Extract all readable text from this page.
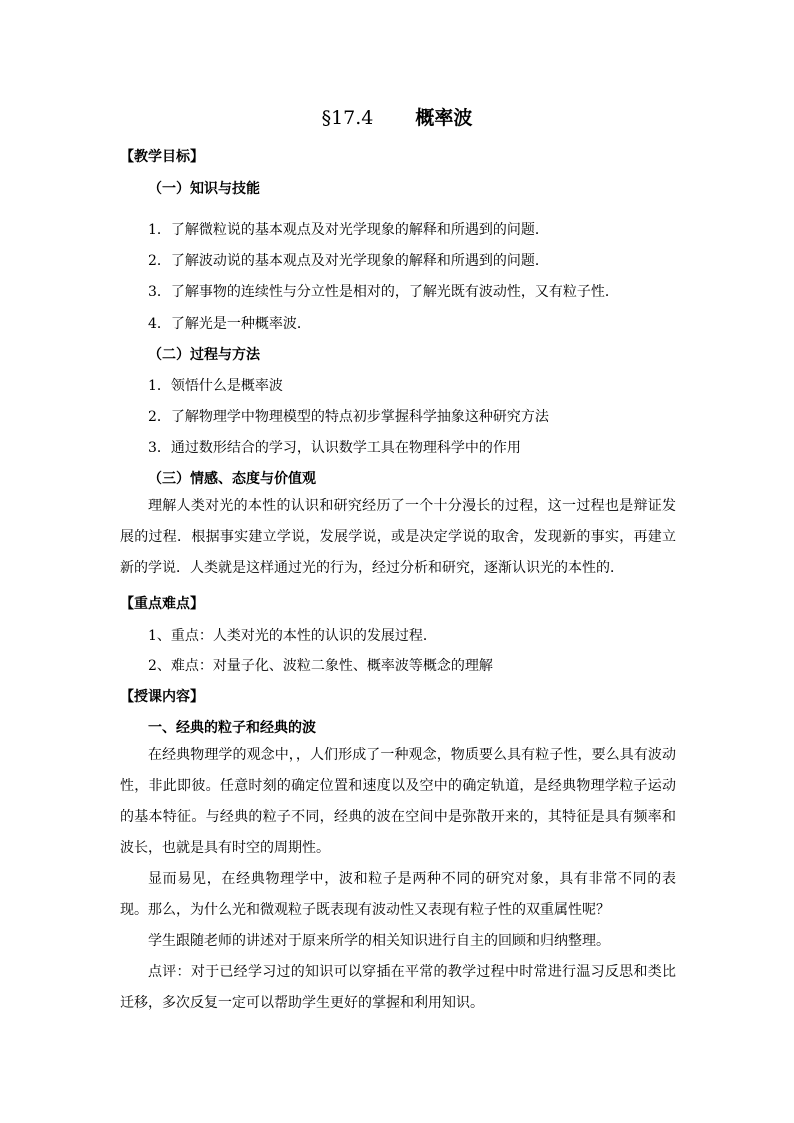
§17.4 概率波
【教学目标】
（一）知识与技能
1．了解微粒说的基本观点及对光学现象的解释和所遇到的问题．
2．了解波动说的基本观点及对光学现象的解释和所遇到的问题．
3．了解事物的连续性与分立性是相对的，了解光既有波动性，又有粒子性．
4．了解光是一种概率波．
（二）过程与方法
1．领悟什么是概率波
2．了解物理学中物理模型的特点初步掌握科学抽象这种研究方法
3．通过数形结合的学习，认识数学工具在物理科学中的作用
（三）情感、态度与价值观
理解人类对光的本性的认识和研究经历了一个十分漫长的过程，这一过程也是辩证发展的过程．根据事实建立学说，发展学说，或是决定学说的取舍，发现新的事实，再建立新的学说．人类就是这样通过光的行为，经过分析和研究，逐渐认识光的本性的．
【重点难点】
1、重点：人类对光的本性的认识的发展过程．
2、难点：对量子化、波粒二象性、概率波等概念的理解
【授课内容】
一、经典的粒子和经典的波
在经典物理学的观念中，，人们形成了一种观念，物质要么具有粒子性，要么具有波动性，非此即彼。任意时刻的确定位置和速度以及空中的确定轨道，是经典物理学粒子运动的基本特征。与经典的粒子不同，经典的波在空间中是弥散开来的，其特征是具有频率和波长，也就是具有时空的周期性。
显而易见，在经典物理学中，波和粒子是两种不同的研究对象，具有非常不同的表现。那么，为什么光和微观粒子既表现有波动性又表现有粒子性的双重属性呢？
学生跟随老师的讲述对于原来所学的相关知识进行自主的回顾和归纳整理。
点评：对于已经学习过的知识可以穿插在平常的教学过程中时常进行温习反思和类比迁移，多次反复一定可以帮助学生更好的掌握和利用知识。
